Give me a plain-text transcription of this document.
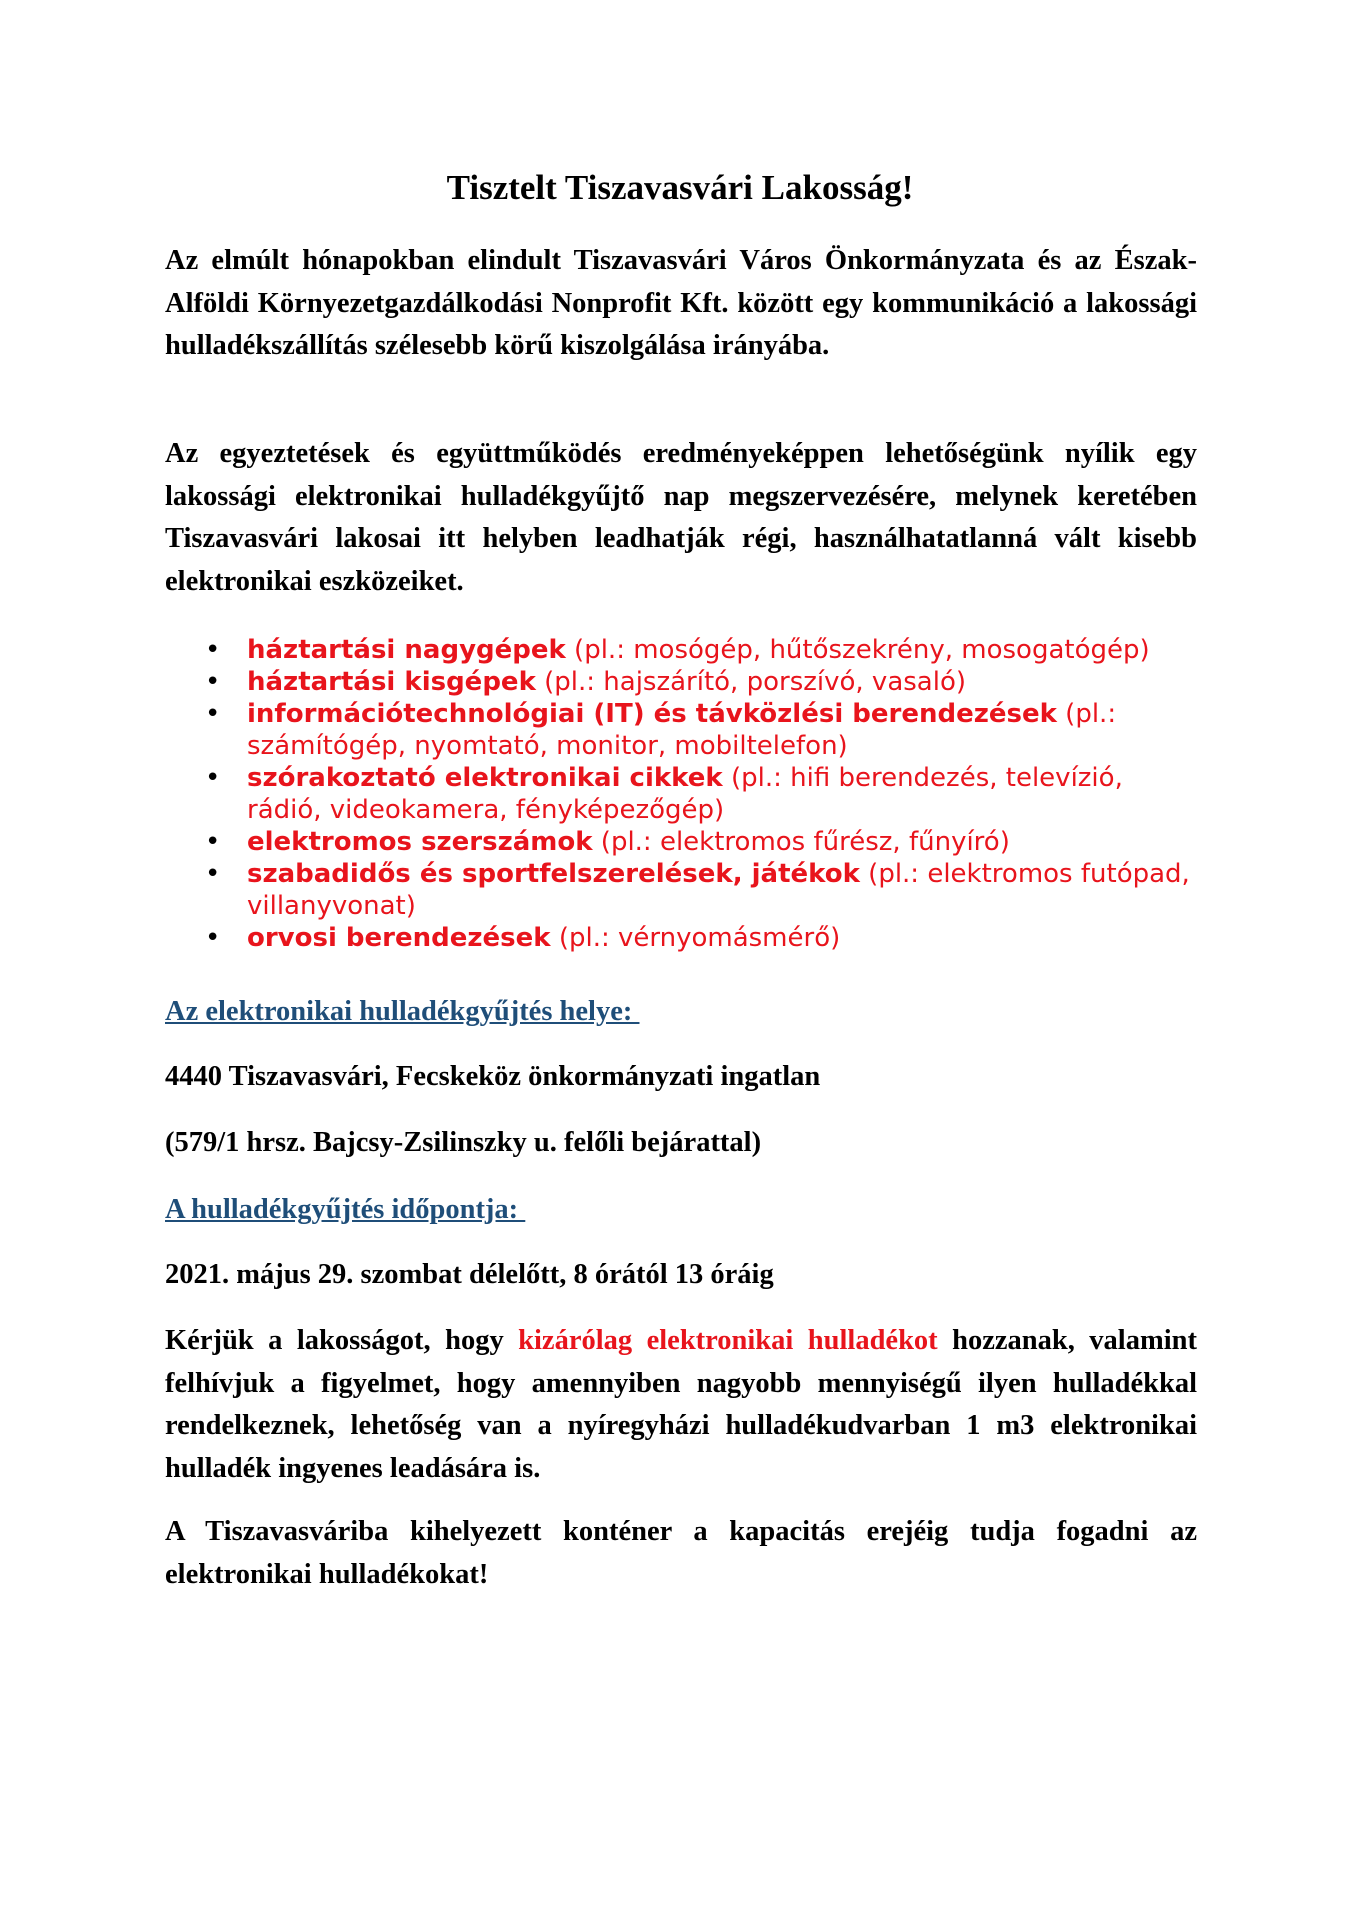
Tisztelt Tiszavasvári Lakosság!

Az elmúlt hónapokban elindult Tiszavasvári Város Önkormányzata és az Észak-Alföldi Környezetgazdálkodási Nonprofit Kft. között egy kommunikáció a lakossági hulladékszállítás szélesebb körű kiszolgálása irányába.

Az egyeztetések és együttműködés eredményeképpen lehetőségünk nyílik egy lakossági elektronikai hulladékgyűjtő nap megszervezésére, melynek keretében Tiszavasvári lakosai itt helyben leadhatják régi, használhatatlanná vált kisebb elektronikai eszközeiket.

• háztartási nagygépek (pl.: mosógép, hűtőszekrény, mosogatógép)
• háztartási kisgépek (pl.: hajszárító, porszívó, vasaló)
• információtechnológiai (IT) és távközlési berendezések (pl.: számítógép, nyomtató, monitor, mobiltelefon)
• szórakoztató elektronikai cikkek (pl.: hifi berendezés, televízió, rádió, videokamera, fényképezőgép)
• elektromos szerszámok (pl.: elektromos fűrész, fűnyíró)
• szabadidős és sportfelszerelések, játékok (pl.: elektromos futópad, villanyvonat)
• orvosi berendezések (pl.: vérnyomásmérő)

Az elektronikai hulladékgyűjtés helye:

4440 Tiszavasvári, Fecskeköz önkormányzati ingatlan

(579/1 hrsz. Bajcsy-Zsilinszky u. felőli bejárattal)

A hulladékgyűjtés időpontja:

2021. május 29. szombat délelőtt, 8 órától 13 óráig

Kérjük a lakosságot, hogy kizárólag elektronikai hulladékot hozzanak, valamint felhívjuk a figyelmet, hogy amennyiben nagyobb mennyiségű ilyen hulladékkal rendelkeznek, lehetőség van a nyíregyházi hulladékudvarban 1 m3 elektronikai hulladék ingyenes leadására is.

A Tiszavasváriba kihelyezett konténer a kapacitás erejéig tudja fogadni az elektronikai hulladékokat!
